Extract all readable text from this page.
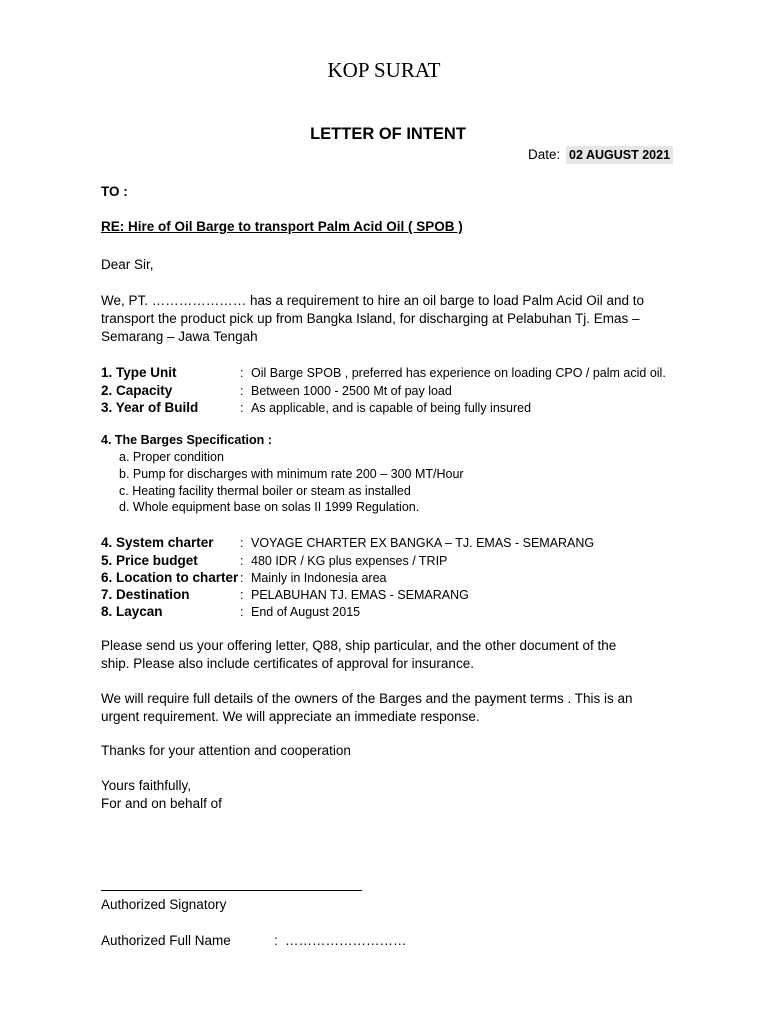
KOP SURAT
LETTER OF INTENT
Date: 02 AUGUST 2021
TO :
RE: Hire of Oil Barge to transport Palm Acid Oil ( SPOB )
Dear Sir,
We, PT. ………………… has a requirement to hire an oil barge to load Palm Acid Oil and to
transport the product pick up from Bangka Island, for discharging at Pelabuhan Tj. Emas –
Semarang – Jawa Tengah
1. Type Unit	: Oil Barge SPOB , preferred has experience on loading CPO / palm acid oil.
2. Capacity	: Between 1000 - 2500 Mt of pay load
3. Year of Build	: As applicable, and is capable of being fully insured
4. The Barges Specification :
a. Proper condition
b. Pump for discharges with minimum rate 200 – 300 MT/Hour
c. Heating facility thermal boiler or steam as installed
d. Whole equipment base on solas II 1999 Regulation.
4. System charter : VOYAGE CHARTER EX BANGKA – TJ. EMAS - SEMARANG
5. Price budget	: 480 IDR / KG plus expenses / TRIP
6. Location to charter : Mainly in Indonesia area
7. Destination	: PELABUHAN TJ. EMAS - SEMARANG
8. Laycan	: End of August 2015
Please send us your offering letter, Q88, ship particular, and the other document of the
ship. Please also include certificates of approval for insurance.
We will require full details of the owners of the Barges and the payment terms . This is an
urgent requirement. We will appreciate an immediate response.
Thanks for your attention and cooperation
Yours faithfully,
For and on behalf of
Authorized Signatory
Authorized Full Name	: ………………………
